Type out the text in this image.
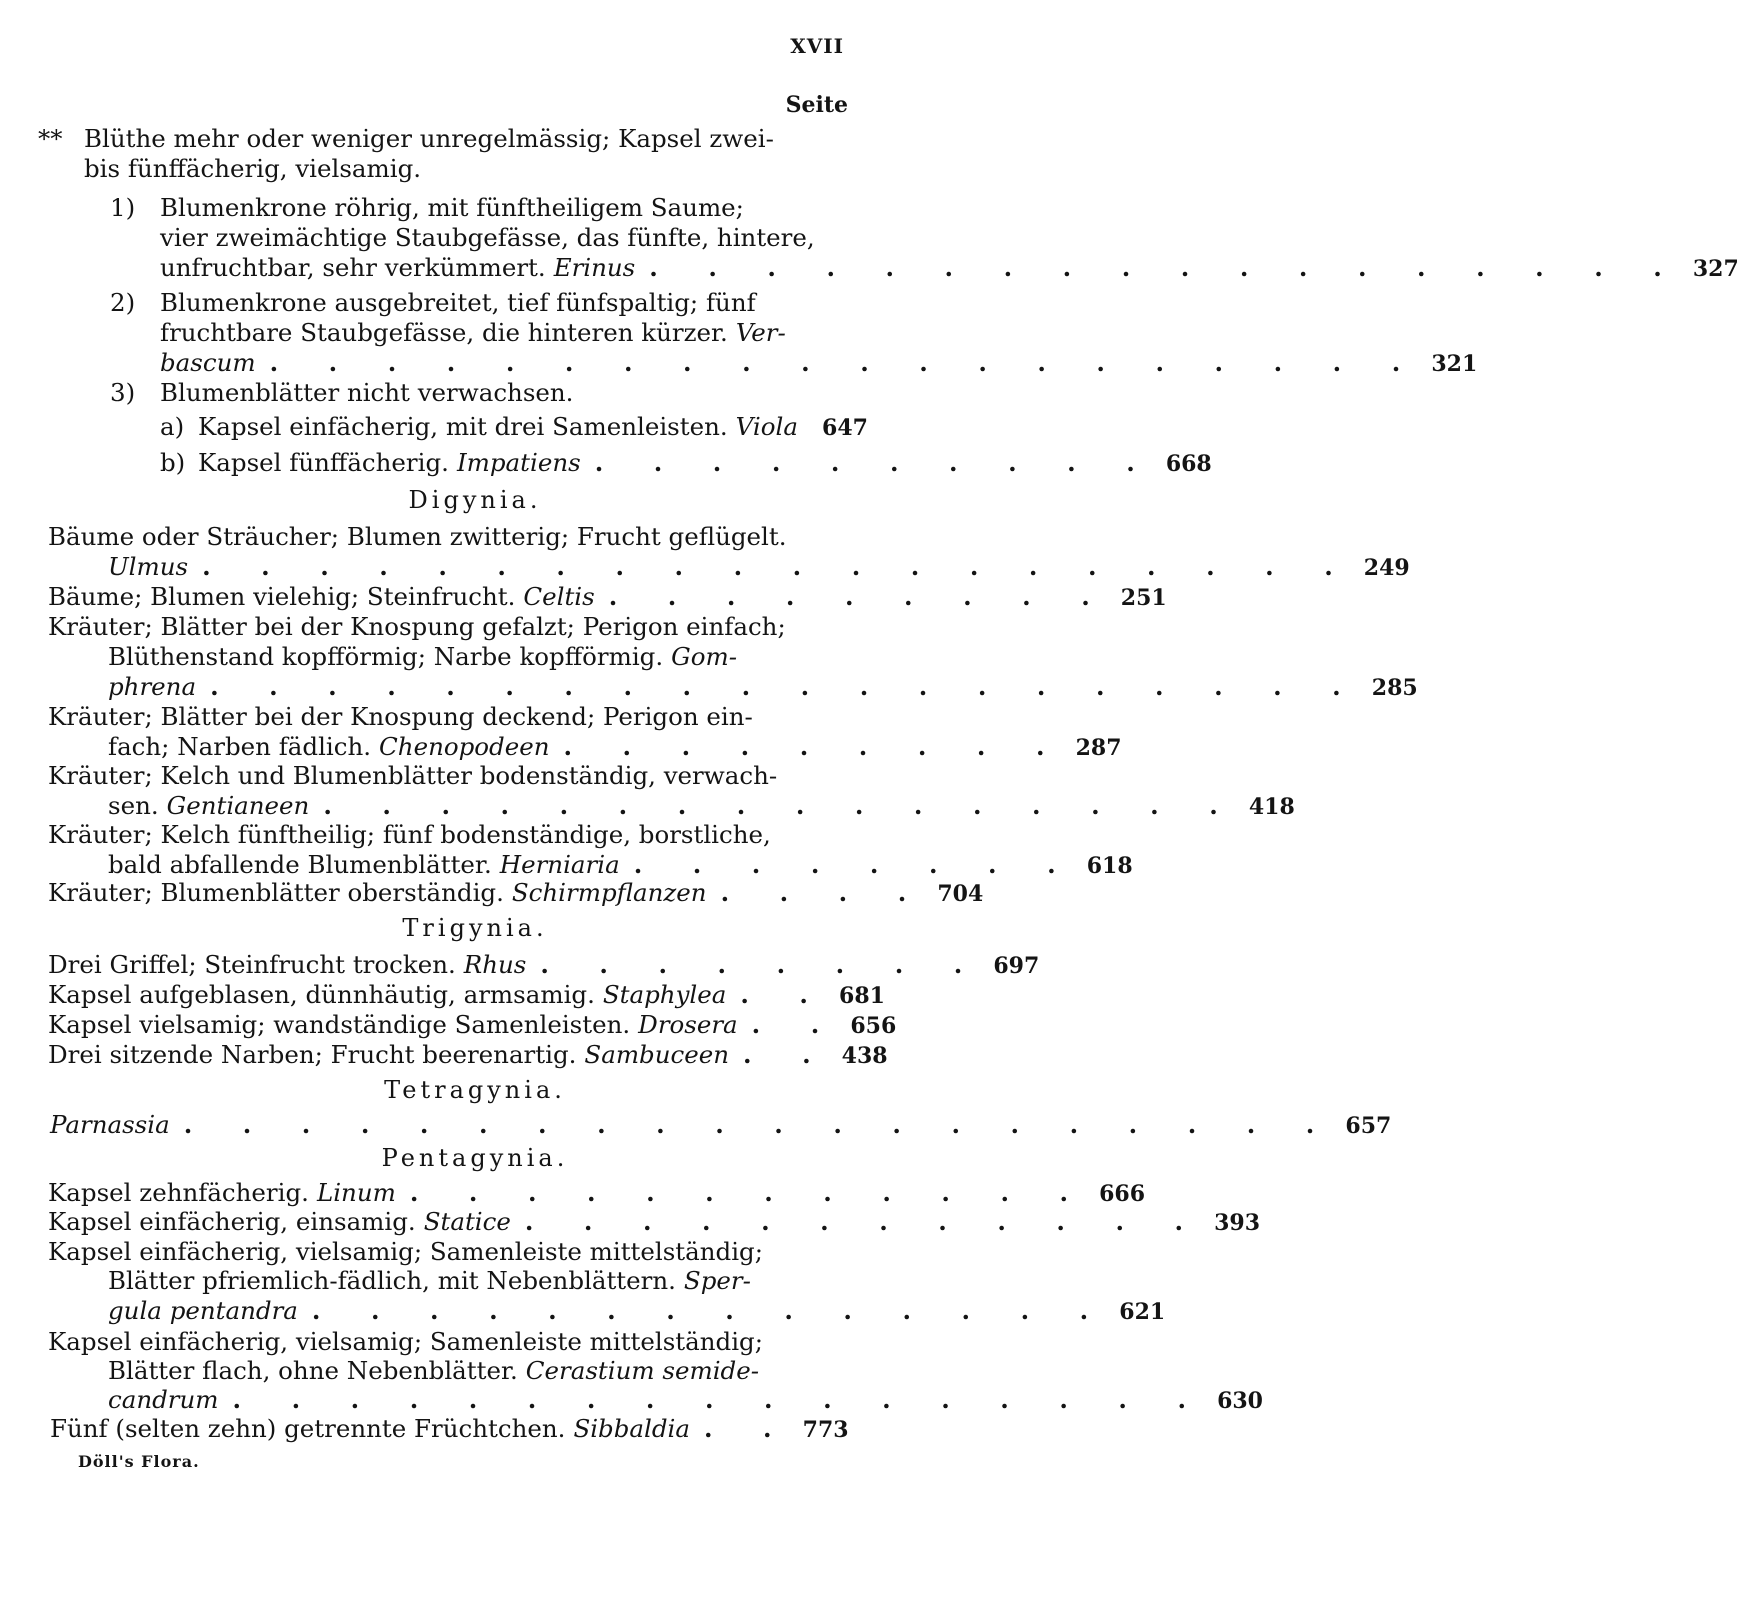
XVII
Seite
** Blüthe mehr oder weniger unregelmässig; Kapsel zwei-
bis fünffächerig, vielsamig.
1) Blumenkrone röhrig, mit fünftheiligem Saume;
vier zweimächtige Staubgefässe, das fünfte, hintere,
unfruchtbar, sehr verkümmert. Erinus . . . . . . . . . . . . . . . . . . 327
2) Blumenkrone ausgebreitet, tief fünfspaltig; fünf
fruchtbare Staubgefässe, die hinteren kürzer. Ver-
bascum . . . . . . . . . . . . . . . . . . . . 321
3) Blumenblätter nicht verwachsen.
a) Kapsel einfächerig, mit drei Samenleisten. Viola	647
b) Kapsel fünffächerig. Impatiens . . . . . . . . . . 668
Digynia.
Bäume oder Sträucher; Blumen zwitterig; Frucht geflügelt.
Ulmus . . . . . . . . . . . . . . . . . . . . 249
Bäume; Blumen vielehig; Steinfrucht. Celtis . . . . . . . . . 251
Kräuter; Blätter bei der Knospung gefalzt; Perigon einfach;
Blüthenstand kopfförmig; Narbe kopfförmig. Gom-
phrena . . . . . . . . . . . . . . . . . . . . 285
Kräuter; Blätter bei der Knospung deckend; Perigon ein-
fach; Narben fädlich. Chenopodeen . . . . . . . . . 287
Kräuter; Kelch und Blumenblätter bodenständig, verwach-
sen. Gentianeen . . . . . . . . . . . . . . . . 418
Kräuter; Kelch fünftheilig; fünf bodenständige, borstliche,
bald abfallende Blumenblätter. Herniaria . . . . . . . . 618
Kräuter; Blumenblätter oberständig. Schirmpflanzen . . . . 704
Trigynia.
Drei Griffel; Steinfrucht trocken. Rhus . . . . . . . . 697
Kapsel aufgeblasen, dünnhäutig, armsamig. Staphylea . . 681
Kapsel vielsamig; wandständige Samenleisten. Drosera . . 656
Drei sitzende Narben; Frucht beerenartig. Sambuceen . . 438
Tetragynia.
Parnassia . . . . . . . . . . . . . . . . . . . . 657
Pentagynia.
Kapsel zehnfächerig. Linum . . . . . . . . . . . . 666
Kapsel einfächerig, einsamig. Statice . . . . . . . . . . . . 393
Kapsel einfächerig, vielsamig; Samenleiste mittelständig;
Blätter pfriemlich-fädlich, mit Nebenblättern. Sper-
gula pentandra . . . . . . . . . . . . . . 621
Kapsel einfächerig, vielsamig; Samenleiste mittelständig;
Blätter flach, ohne Nebenblätter. Cerastium semide-
candrum . . . . . . . . . . . . . . . . . 630
Fünf (selten zehn) getrennte Früchtchen. Sibbaldia . . 773
Döll's Flora.
